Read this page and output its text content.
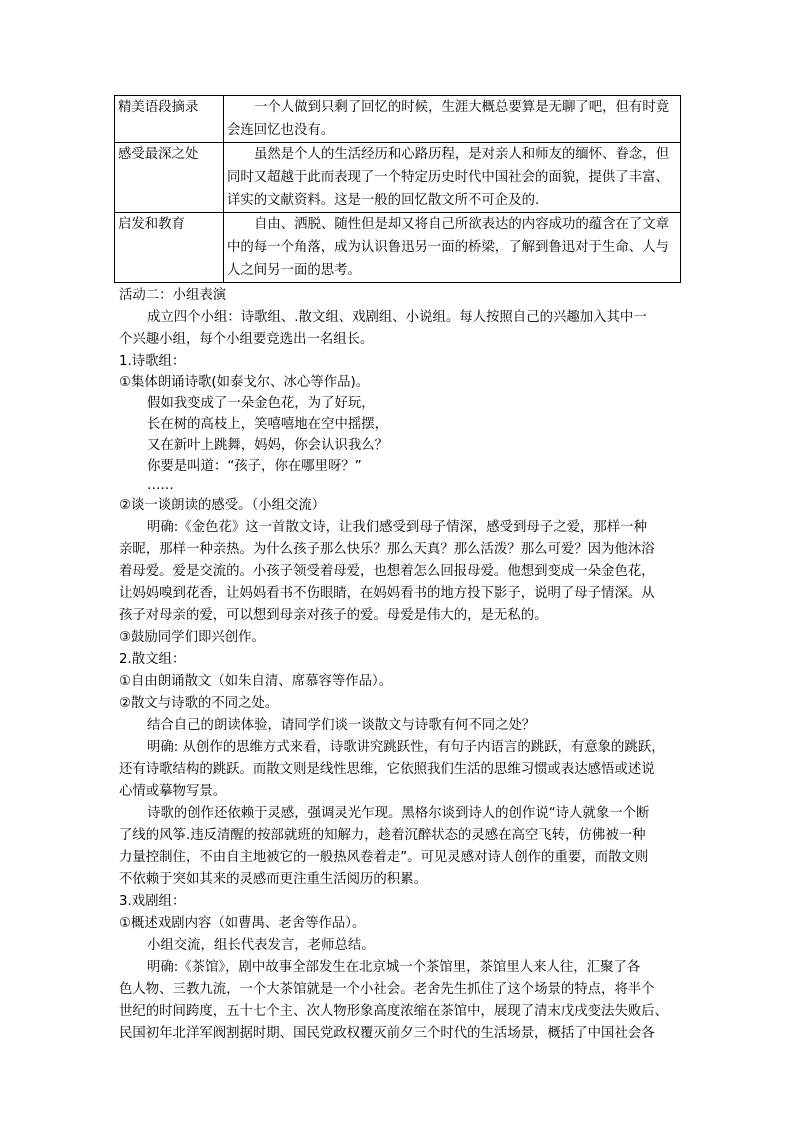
精美语段摘录	一个人做到只剩了回忆的时候，生涯大概总要算是无聊了吧，但有时竟会连回忆也没有。
感受最深之处	虽然是个人的生活经历和心路历程，是对亲人和师友的缅怀、眷念，但同时又超越于此而表现了一个特定历史时代中国社会的面貌，提供了丰富、详实的文献资料。这是一般的回忆散文所不可企及的.
启发和教育	自由、洒脱、随性但是却又将自己所欲表达的内容成功的蕴含在了文章中的每一个角落，成为认识鲁迅另一面的桥梁，了解到鲁迅对于生命、人与人之间另一面的思考。
活动二：小组表演
成立四个小组：诗歌组、.散文组、戏剧组、小说组。每人按照自己的兴趣加入其中一
个兴趣小组，每个小组要竞选出一名组长。
1.诗歌组：
①集体朗诵诗歌(如泰戈尔、冰心等作品)。
假如我变成了一朵金色花，为了好玩，
长在树的高枝上，笑嘻嘻地在空中摇摆，
又在新叶上跳舞，妈妈，你会认识我么？
你要是叫道：“孩子，你在哪里呀？”
……
②谈一谈朗读的感受。（小组交流）
明确:《金色花》这一首散文诗，让我们感受到母子情深，感受到母子之爱，那样一种
亲昵，那样一种亲热。为什么孩子那么快乐？那么天真？那么活泼？那么可爱？因为他沐浴
着母爱。爱是交流的。小孩子领受着母爱，也想着怎么回报母爱。他想到变成一朵金色花，
让妈妈嗅到花香，让妈妈看书不伤眼睛，在妈妈看书的地方投下影子，说明了母子情深。从
孩子对母亲的爱，可以想到母亲对孩子的爱。母爱是伟大的，是无私的。
③鼓励同学们即兴创作。
2.散文组：
①自由朗诵散文（如朱自清、席慕容等作品）。
②散文与诗歌的不同之处。
结合自己的朗读体验，请同学们谈一谈散文与诗歌有何不同之处？
明确: 从创作的思维方式来看，诗歌讲究跳跃性，有句子内语言的跳跃，有意象的跳跃，
还有诗歌结构的跳跃。而散文则是线性思维，它依照我们生活的思维习惯或表达感悟或述说
心情或摹物写景。
诗歌的创作还依赖于灵感，强调灵光乍现。黑格尔谈到诗人的创作说“诗人就象一个断
了线的风筝.违反清醒的按部就班的知解力，趁着沉醉状态的灵感在高空飞转，仿佛被一种
力量控制住，不由自主地被它的一般热风卷着走”。可见灵感对诗人创作的重要，而散文则
不依赖于突如其来的灵感而更注重生活阅历的积累。
3.戏剧组：
①概述戏剧内容（如曹禺、老舍等作品）。
小组交流，组长代表发言，老师总结。
明确:《茶馆》，剧中故事全部发生在北京城一个茶馆里，茶馆里人来人往，汇聚了各
色人物、三教九流，一个大茶馆就是一个小社会。老舍先生抓住了这个场景的特点，将半个
世纪的时间跨度，五十七个主、次人物形象高度浓缩在茶馆中，展现了清末戊戌变法失败后、
民国初年北洋军阀割据时期、国民党政权覆灭前夕三个时代的生活场景，概括了中国社会各
